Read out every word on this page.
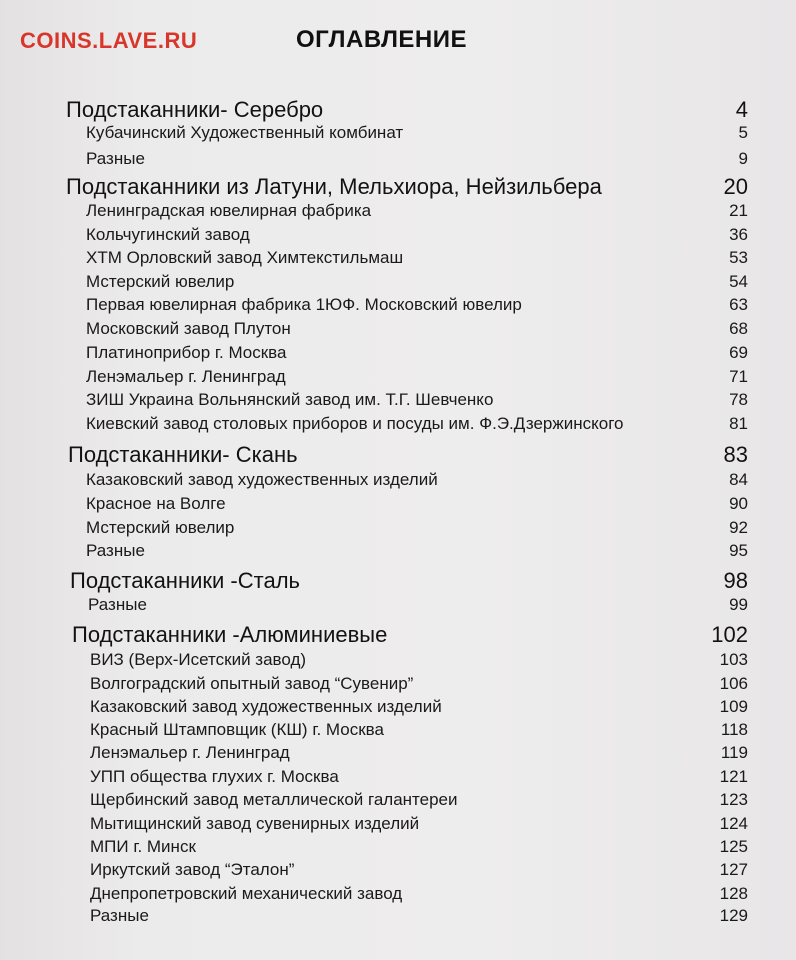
COINS.LAVE.RU	ОГЛАВЛЕНИЕ
Подстаканники- Серебро	4
Кубачинский Художественный комбинат	5
Разные	9
Подстаканники из Латуни, Мельхиора, Нейзильбера	20
Ленинградская ювелирная фабрика	21
Кольчугинский завод	36
ХТМ Орловский завод Химтекстильмаш	53
Мстерский ювелир	54
Первая ювелирная фабрика 1ЮФ. Московский ювелир	63
Московский завод Плутон	68
Платиноприбор г. Москва	69
Ленэмальер г. Ленинград	71
ЗИШ Украина Вольнянский завод им. Т.Г. Шевченко	78
Киевский завод столовых приборов и посуды им. Ф.Э.Дзержинского	81
Подстаканники- Скань	83
Казаковский завод художественных изделий	84
Красное на Волге	90
Мстерский ювелир	92
Разные	95
Подстаканники -Сталь	98
Разные	99
Подстаканники -Алюминиевые	102
ВИЗ (Верх-Исетский завод)	103
Волгоградский опытный завод “Сувенир”	106
Казаковский завод художественных изделий	109
Красный Штамповщик (КШ) г. Москва	118
Ленэмальер г. Ленинград	119
УПП общества глухих г. Москва	121
Щербинский завод металлической галантереи	123
Мытищинский завод сувенирных изделий	124
МПИ г. Минск	125
Иркутский завод “Эталон”	127
Днепропетровский механический завод	128
Разные	129
